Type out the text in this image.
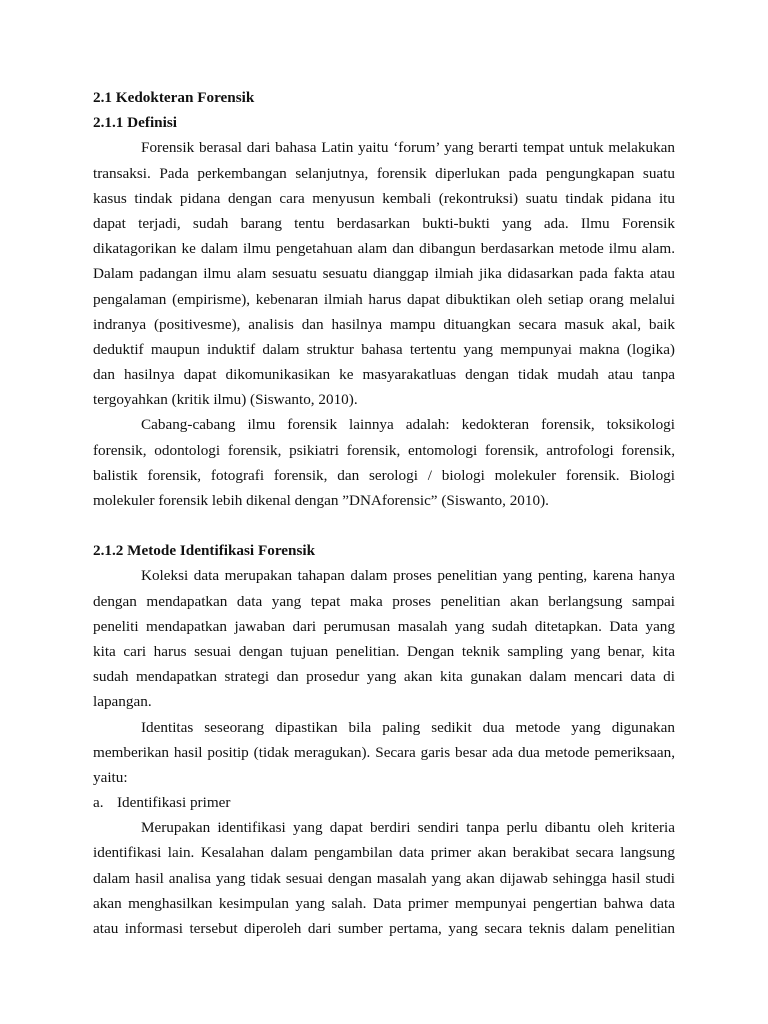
2.1 Kedokteran Forensik
2.1.1 Definisi
Forensik berasal dari bahasa Latin yaitu ‘forum’ yang berarti tempat untuk melakukan
transaksi. Pada perkembangan selanjutnya, forensik diperlukan pada pengungkapan suatu
kasus tindak pidana dengan cara menyusun kembali (rekontruksi) suatu tindak pidana itu
dapat terjadi, sudah barang tentu berdasarkan bukti-bukti yang ada. Ilmu Forensik
dikatagorikan ke dalam ilmu pengetahuan alam dan dibangun berdasarkan metode ilmu alam.
Dalam padangan ilmu alam sesuatu sesuatu dianggap ilmiah jika didasarkan pada fakta atau
pengalaman (empirisme), kebenaran ilmiah harus dapat dibuktikan oleh setiap orang melalui
indranya (positivesme), analisis dan hasilnya mampu dituangkan secara masuk akal, baik
deduktif maupun induktif dalam struktur bahasa tertentu yang mempunyai makna (logika)
dan hasilnya dapat dikomunikasikan ke masyarakatluas dengan tidak mudah atau tanpa
tergoyahkan (kritik ilmu) (Siswanto, 2010).
Cabang-cabang ilmu forensik lainnya adalah: kedokteran forensik, toksikologi
forensik, odontologi forensik, psikiatri forensik, entomologi forensik, antrofologi forensik,
balistik forensik, fotografi forensik, dan serologi / biologi molekuler forensik. Biologi
molekuler forensik lebih dikenal dengan ”DNAforensic” (Siswanto, 2010).
2.1.2 Metode Identifikasi Forensik
Koleksi data merupakan tahapan dalam proses penelitian yang penting, karena hanya
dengan mendapatkan data yang tepat maka proses penelitian akan berlangsung sampai
peneliti mendapatkan jawaban dari perumusan masalah yang sudah ditetapkan. Data yang
kita cari harus sesuai dengan tujuan penelitian. Dengan teknik sampling yang benar, kita
sudah mendapatkan strategi dan prosedur yang akan kita gunakan dalam mencari data di
lapangan.
Identitas seseorang dipastikan bila paling sedikit dua metode yang digunakan
memberikan hasil positip (tidak meragukan). Secara garis besar ada dua metode pemeriksaan,
yaitu:
a. Identifikasi primer
Merupakan identifikasi yang dapat berdiri sendiri tanpa perlu dibantu oleh kriteria
identifikasi lain. Kesalahan dalam pengambilan data primer akan berakibat secara langsung
dalam hasil analisa yang tidak sesuai dengan masalah yang akan dijawab sehingga hasil studi
akan menghasilkan kesimpulan yang salah. Data primer mempunyai pengertian bahwa data
atau informasi tersebut diperoleh dari sumber pertama, yang secara teknis dalam penelitian
